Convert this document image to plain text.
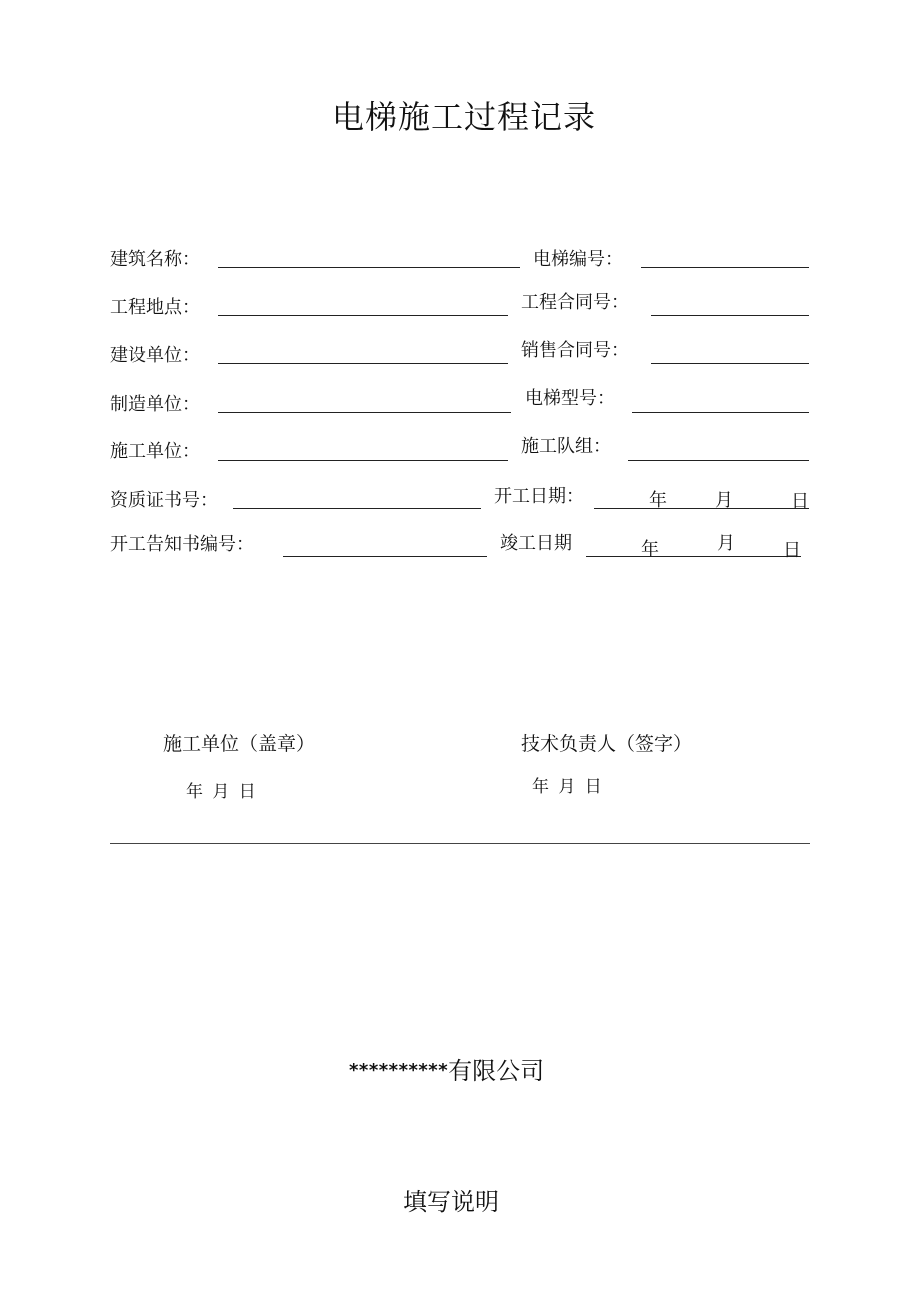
电梯施工过程记录
建筑名称：	电梯编号：
工程地点：	工程合同号：
建设单位：	销售合同号：
制造单位：	电梯型号：
施工单位：	施工队组：
资质证书号：	开工日期：	年	月	日
开工告知书编号：	竣工日期	年	月	日
施工单位（盖章）
年 月 日
技术负责人（签字）
年 月 日
**********有限公司
填写说明
